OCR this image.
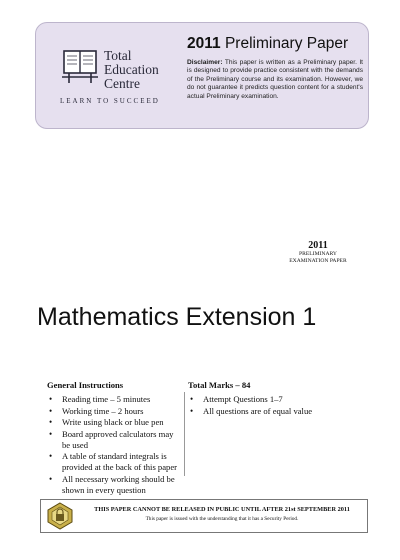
Total
Education
Centre
LEARN TO SUCCEED
2011 Preliminary Paper
Disclaimer: This paper is written as a Preliminary paper. It is designed to provide practice consistent with the demands of the Preliminary course and its examination. However, we do not guarantee it predicts question content for a student's actual Preliminary examination.
2011
PRELIMINARY
EXAMINATION PAPER
Mathematics Extension 1
General Instructions
• Reading time – 5 minutes
• Working time – 2 hours
• Write using black or blue pen
• Board approved calculators may be used
• A table of standard integrals is provided at the back of this paper
• All necessary working should be shown in every question
Total Marks – 84
• Attempt Questions 1–7
• All questions are of equal value
THIS PAPER CANNOT BE RELEASED IN PUBLIC UNTIL AFTER 21st SEPTEMBER 2011
This paper is issued with the understanding that it has a Security Period.
